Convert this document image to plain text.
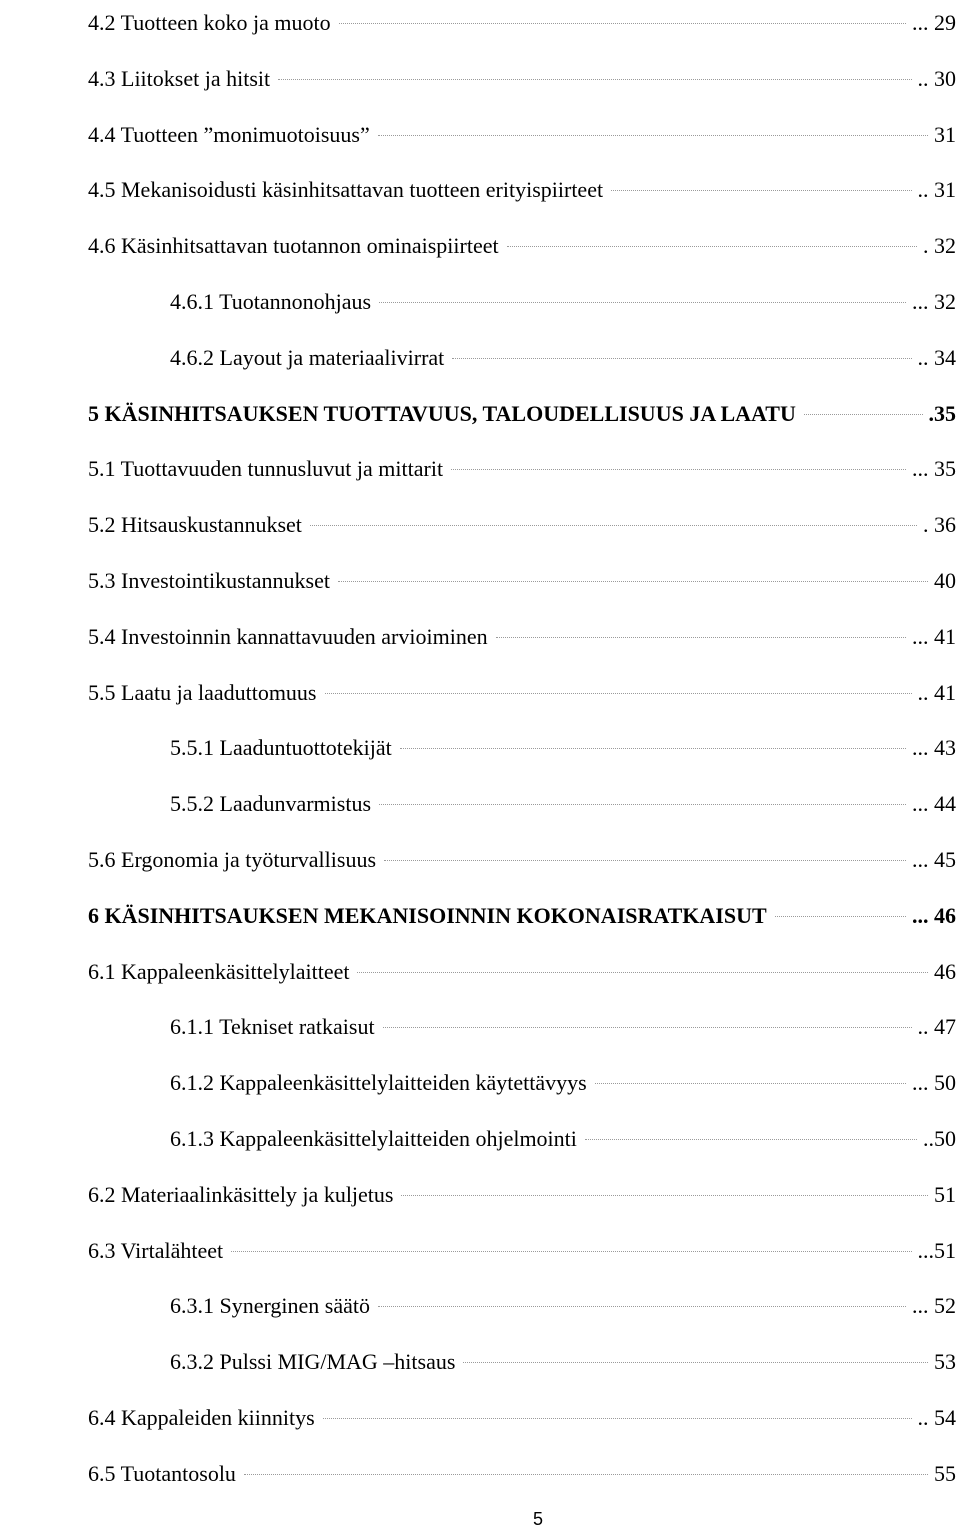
4.2 Tuotteen koko ja muoto . . .	... 29
4.3 Liitokset ja hitsit . . .	.. 30
4.4 Tuotteen ”monimuotoisuus” . . .	31
4.5 Mekanisoidusti käsinhitsattavan tuotteen erityispiirteet . . .	.. 31
4.6 Käsinhitsattavan tuotannon ominaispiirteet . . .	. 32
4.6.1 Tuotannonohjaus . . .	... 32
4.6.2 Layout ja materiaalivirrat . . .	.. 34
5 KÄSINHITSAUKSEN TUOTTAVUUS, TALOUDELLISUUS JA LAATU . . .	.35
5.1 Tuottavuuden tunnusluvut ja mittarit . . .	... 35
5.2 Hitsauskustannukset . . .	. 36
5.3 Investointikustannukset . . .	40
5.4 Investoinnin kannattavuuden arvioiminen . . .	... 41
5.5 Laatu ja laaduttomuus . . .	.. 41
5.5.1 Laaduntuottotekijät . . .	... 43
5.5.2 Laadunvarmistus . . .	... 44
5.6 Ergonomia ja työturvallisuus . . .	... 45
6 KÄSINHITSAUKSEN MEKANISOINNIN KOKONAISRATKAISUT . . .	... 46
6.1 Kappaleenkäsittelylaitteet . . .	46
6.1.1 Tekniset ratkaisut . . .	.. 47
6.1.2 Kappaleenkäsittelylaitteiden käytettävyys . . .	... 50
6.1.3 Kappaleenkäsittelylaitteiden ohjelmointi . . .	..50
6.2 Materiaalinkäsittely ja kuljetus . . .	51
6.3 Virtalähteet . . .	...51
6.3.1 Synerginen säätö . . .	... 52
6.3.2 Pulssi MIG/MAG –hitsaus . . .	53
6.4 Kappaleiden kiinnitys . . .	.. 54
6.5 Tuotantosolu . . .	55
5
